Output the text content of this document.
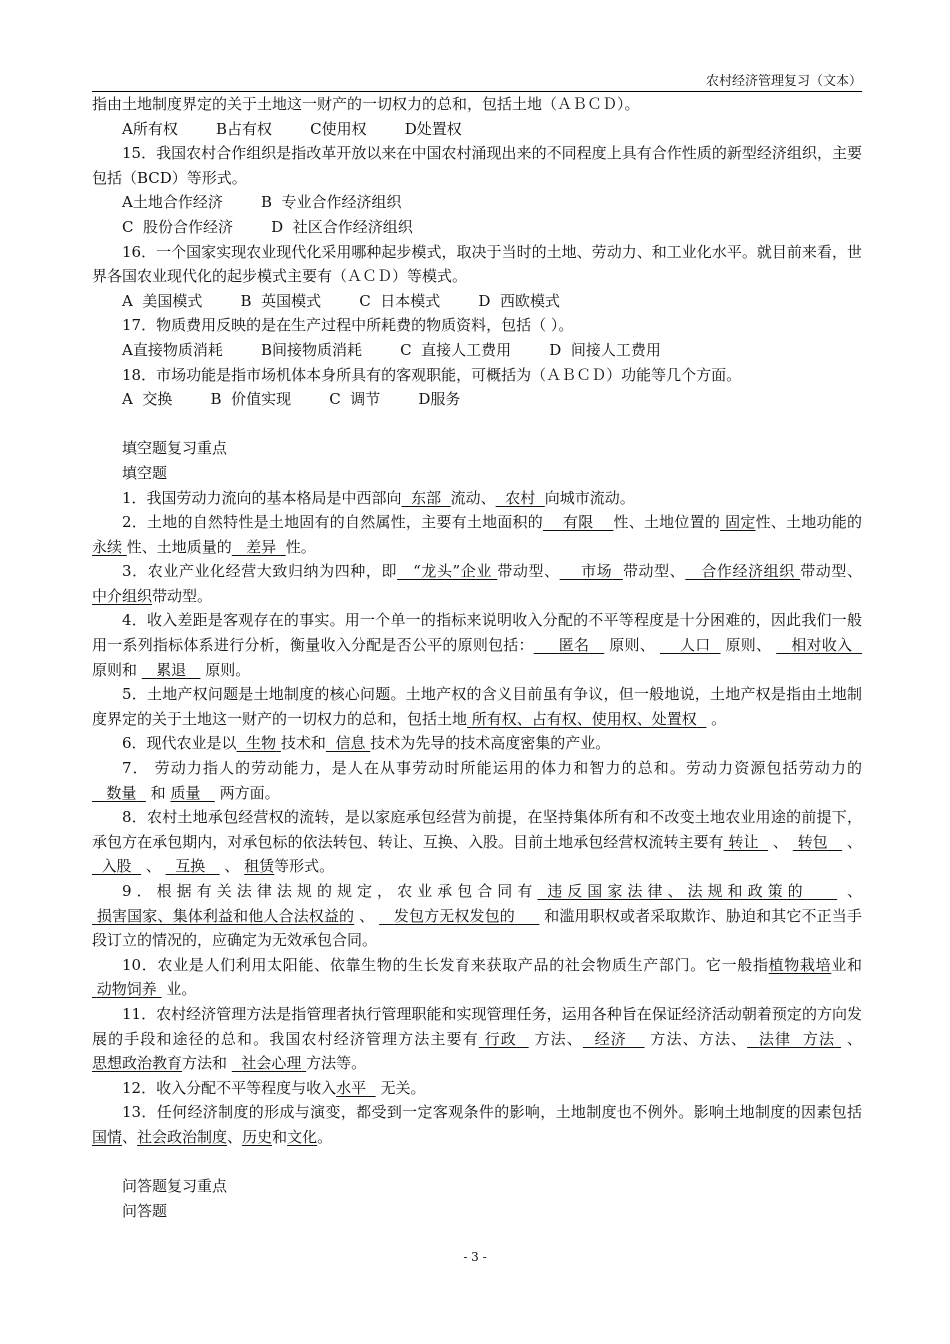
农村经济管理复习（文本）

指由土地制度界定的关于土地这一财产的一切权力的总和，包括土地（ＡＢＣＤ）。

A所有权        B占有权        C使用权        D处置权

15．我国农村合作组织是指改革开放以来在中国农村涌现出来的不同程度上具有合作性质的新型经济组织，主要包括（BCD）等形式。

A土地合作经济        B  专业合作经济组织

C  股份合作经济        D  社区合作经济组织

16．一个国家实现农业现代化采用哪种起步模式，取决于当时的土地、劳动力、和工业化水平。就目前来看，世界各国农业现代化的起步模式主要有（ＡＣＤ）等模式。

A  美国模式        B  英国模式        C  日本模式        D  西欧模式

17．物质费用反映的是在生产过程中所耗费的物质资料，包括（ ）。

A直接物质消耗        B间接物质消耗        C  直接人工费用        D  间接人工费用

18．市场功能是指市场机体本身所具有的客观职能，可概括为（ＡＢＣＤ）功能等几个方面。

A  交换        B  价值实现        C  调节        D服务

填空题复习重点

填空题

1．我国劳动力流向的基本格局是中西部向 东部 流动、 农村 向城市流动。

2．土地的自然特性是土地固有的自然属性，主要有土地面积的 有限 性、土地位置的 固定性、土地功能的永续 性、土地质量的 差异 性。

3．农业产业化经营大致归纳为四种，即 “龙头”企业 带动型、 市场 带动型、 合作经济组织 带动型、中介组织带动型。

4．收入差距是客观存在的事实。用一个单一的指标来说明收入分配的不平等程度是十分困难的，因此我们一般用一系列指标体系进行分析，衡量收入分配是否公平的原则包括： 匿名 原则、 人口 原则、 相对收入   原则和 累退 原则。

5．土地产权问题是土地制度的核心问题。土地产权的含义目前虽有争议，但一般地说，土地产权是指由土地制度界定的关于土地这一财产的一切权力的总和，包括土地 所有权、占有权、使用权、处置权 。

6．现代农业是以 生物 技术和 信息 技术为先导的技术高度密集的产业。

7． 劳动力指人的劳动能力，是人在从事劳动时所能运用的体力和智力的总和。劳动力资源包括劳动力的   数量 和 质量 两方面。

8．农村土地承包经营权的流转，是以家庭承包经营为前提，在坚持集体所有和不改变土地农业用途的前提下，承包方在承包期内，对承包标的依法转包、转让、互换、入股。目前土地承包经营权流转主要有 转让 、 转包 、   入股 、 互换 、 租赁等形式。

9．根据有关法律法规的规定，农业承包合同有 违反国家法律、法规和政策的	、  损害国家、集体利益和他人合法权益的 、 发包方无权发包的 和滥用职权或者采取欺诈、胁迫和其它不正当手段订立的情况的，应确定为无效承包合同。

10．农业是人们利用太阳能、依靠生物的生长发育来获取产品的社会物质生产部门。它一般指植物栽培业和 动物饲养 业。

11．农村经济管理方法是指管理者执行管理职能和实现管理任务，运用各种旨在保证经济活动朝着预定的方向发展的手段和途径的总和。我国农村经济管理方法主要有 行政 方法、 经济 方法、方法、 法律  方法 、思想政治教育方法和 社会心理 方法等。

12．收入分配不平等程度与收入水平 无关。

13．任何经济制度的形成与演变，都受到一定客观条件的影响，土地制度也不例外。影响土地制度的因素包括国情、社会政治制度、历史和文化。

问答题复习重点

问答题

- 3 -
